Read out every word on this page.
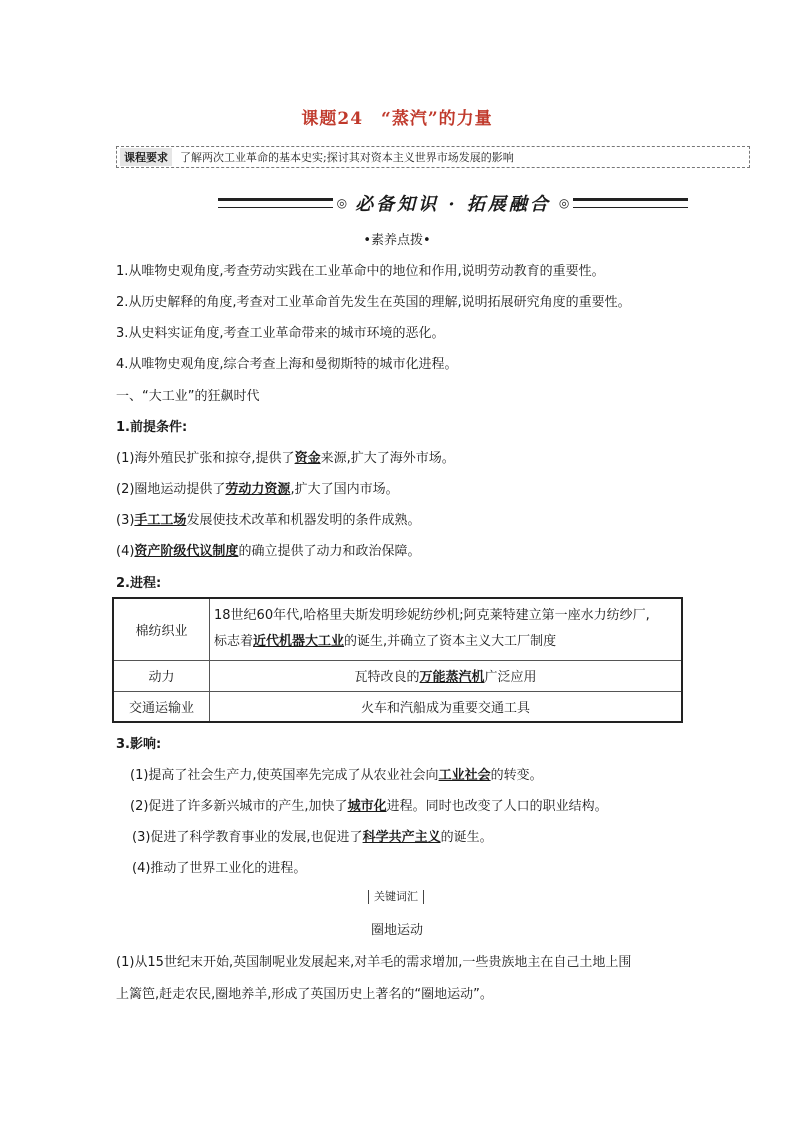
课题24　“蒸汽”的力量
课程要求	了解两次工业革命的基本史实;探讨其对资本主义世界市场发展的影响
◎ 必备知识 · 拓展融合 ◎
•素养点拨•
1.从唯物史观角度,考查劳动实践在工业革命中的地位和作用,说明劳动教育的重要性。
2.从历史解释的角度,考查对工业革命首先发生在英国的理解,说明拓展研究角度的重要性。
3.从史料实证角度,考查工业革命带来的城市环境的恶化。
4.从唯物史观角度,综合考查上海和曼彻斯特的城市化进程。
一、“大工业”的狂飙时代
1.前提条件:
(1)海外殖民扩张和掠夺,提供了资金来源,扩大了海外市场。
(2)圈地运动提供了劳动力资源,扩大了国内市场。
(3)手工工场发展使技术改革和机器发明的条件成熟。
(4)资产阶级代议制度的确立提供了动力和政治保障。
2.进程:
棉纺织业	18世纪60年代,哈格里夫斯发明珍妮纺纱机;阿克莱特建立第一座水力纺纱厂,
标志着近代机器大工业的诞生,并确立了资本主义大工厂制度

动力	瓦特改良的万能蒸汽机广泛应用
交通运输业	火车和汽船成为重要交通工具
3.影响:
(1)提高了社会生产力,使英国率先完成了从农业社会向工业社会的转变。
(2)促进了许多新兴城市的产生,加快了城市化进程。同时也改变了人口的职业结构。
(3)促进了科学教育事业的发展,也促进了科学共产主义的诞生。
(4)推动了世界工业化的进程。
关键词汇
圈地运动
(1)从15世纪末开始,英国制呢业发展起来,对羊毛的需求增加,一些贵族地主在自己土地上围
上篱笆,赶走农民,圈地养羊,形成了英国历史上著名的“圈地运动”。
